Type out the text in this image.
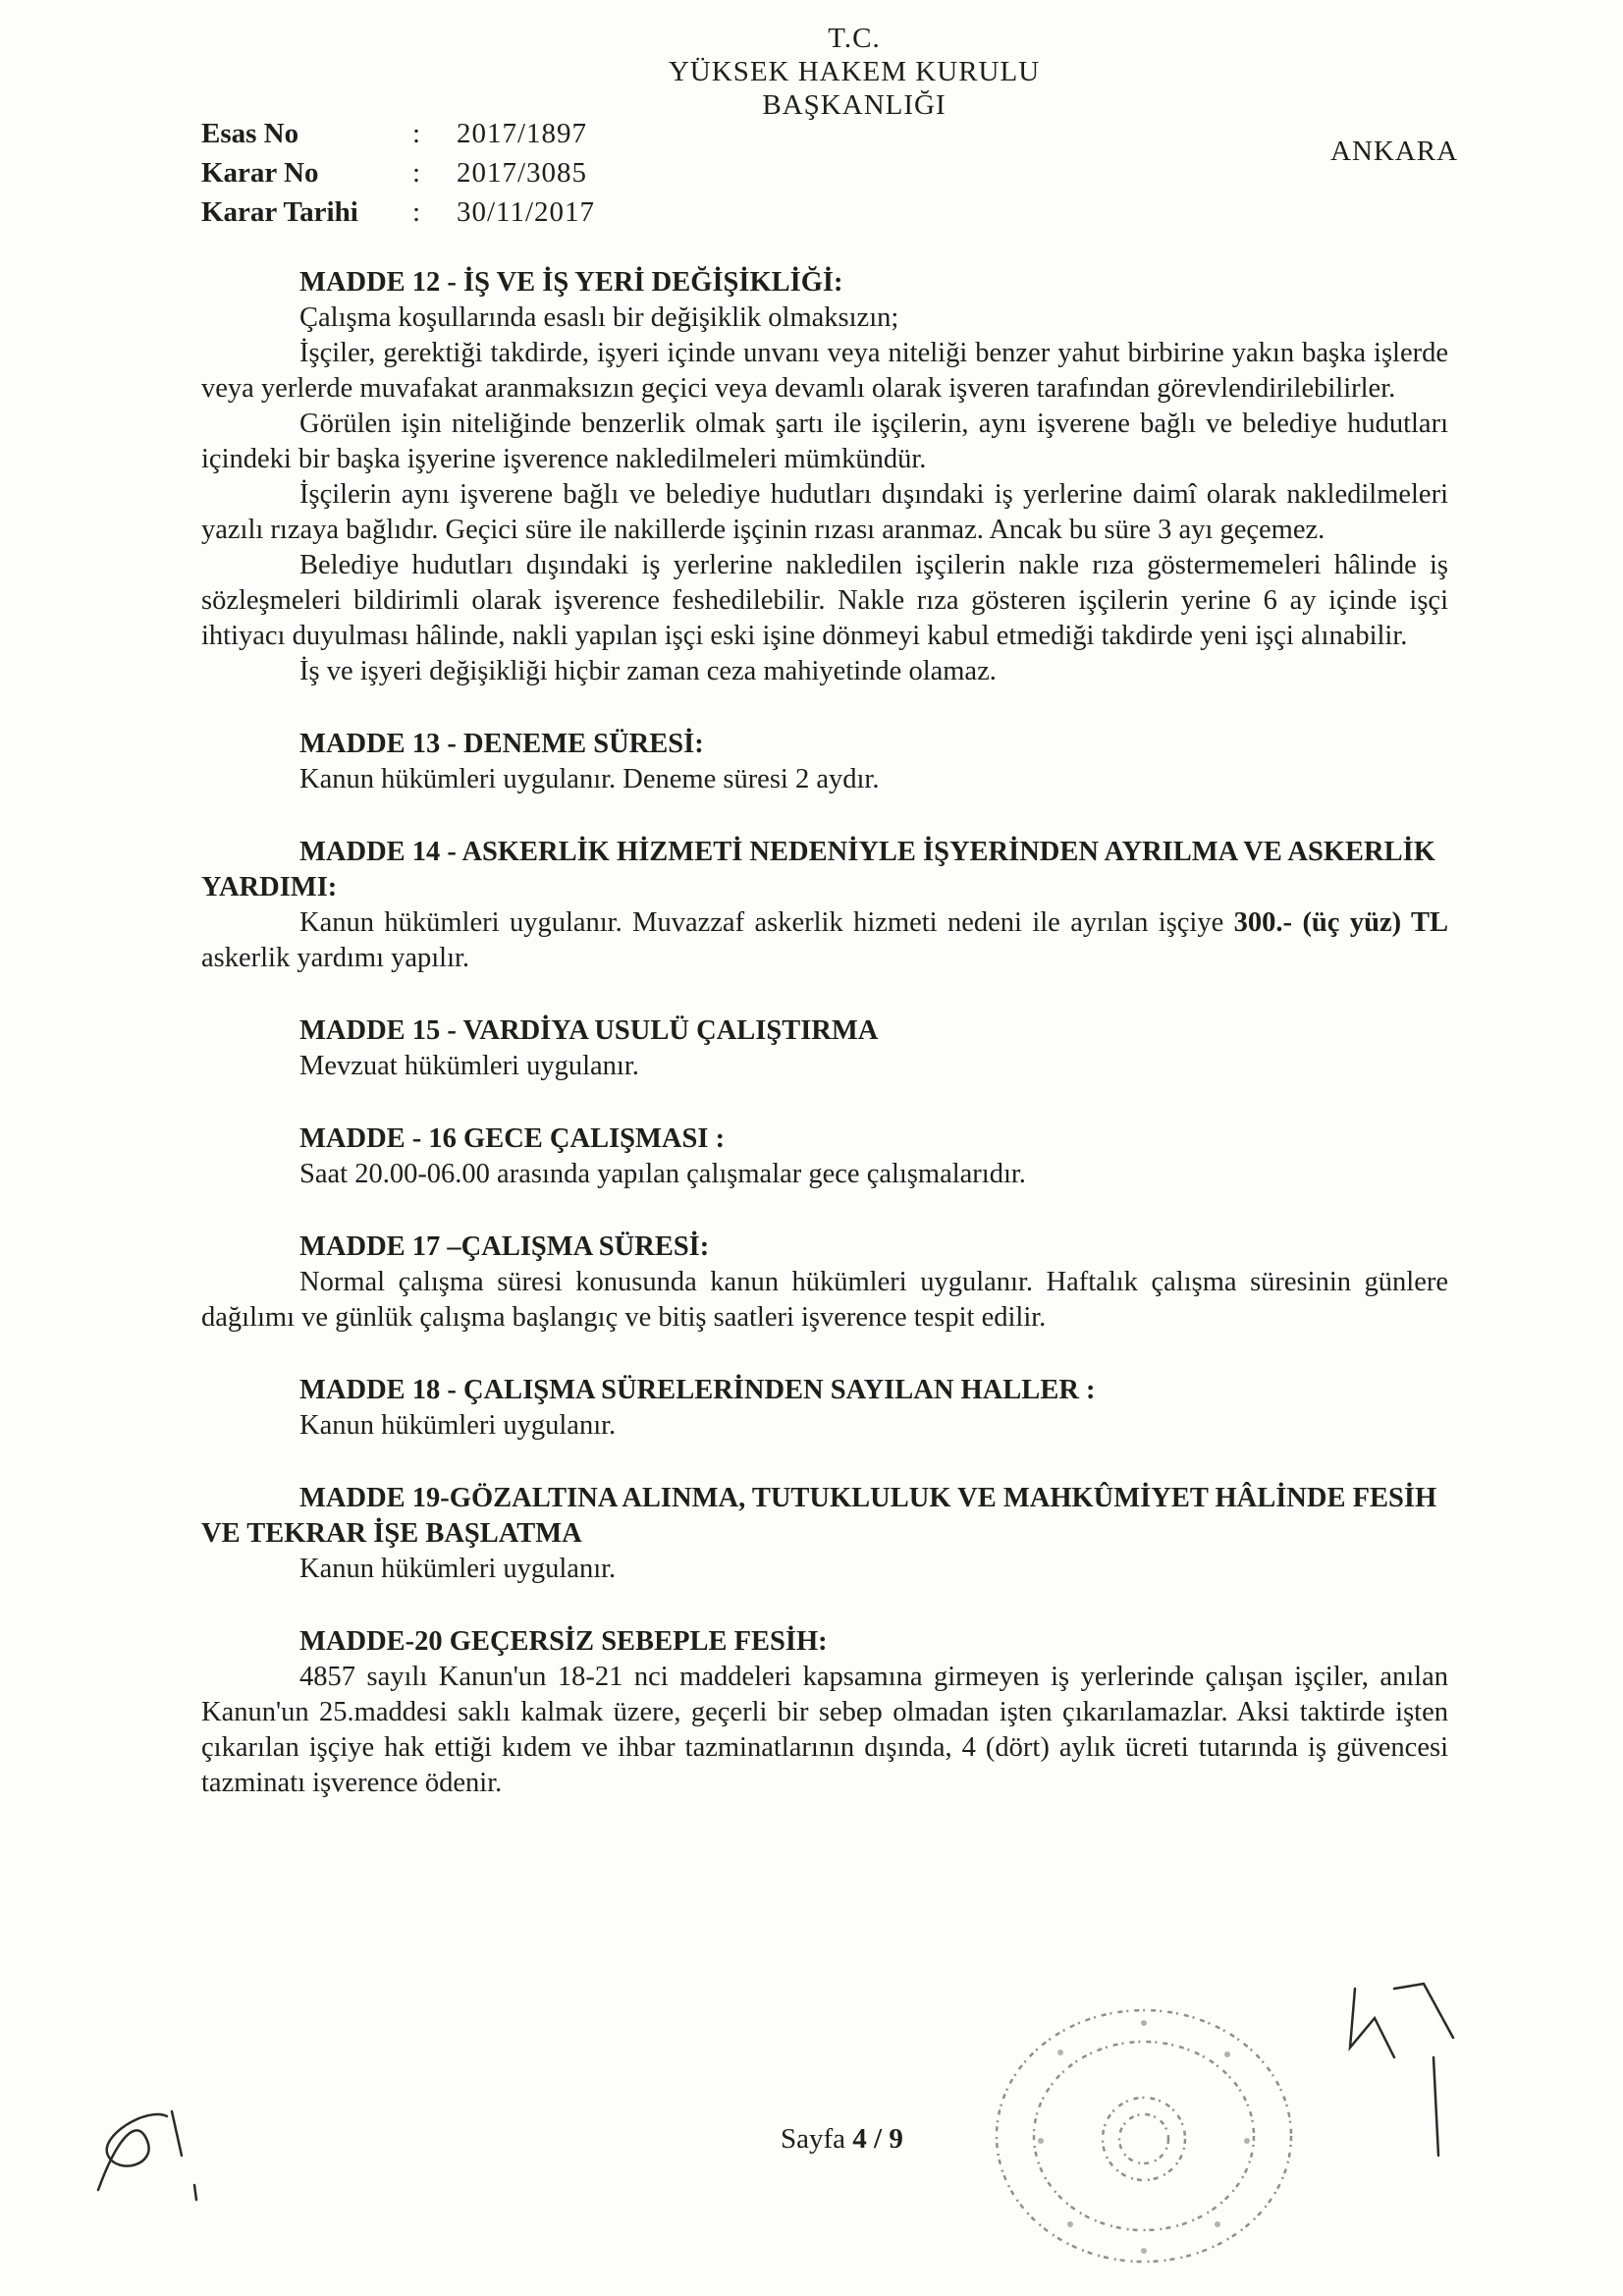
T.C.
YÜKSEK HAKEM KURULU
BAŞKANLIĞI
Esas No	:	2017/1897
Karar No	:	2017/3085
Karar Tarihi	:	30/11/2017
ANKARA

MADDE 12 - İŞ VE İŞ YERİ DEĞİŞİKLİĞİ:

Çalışma koşullarında esaslı bir değişiklik olmaksızın;

İşçiler, gerektiği takdirde, işyeri içinde unvanı veya niteliği benzer yahut birbirine yakın başka işlerde veya yerlerde muvafakat aranmaksızın geçici veya devamlı olarak işveren tarafından görevlendirilebilirler.

Görülen işin niteliğinde benzerlik olmak şartı ile işçilerin, aynı işverene bağlı ve belediye hudutları içindeki bir başka işyerine işverence nakledilmeleri mümkündür.

İşçilerin aynı işverene bağlı ve belediye hudutları dışındaki iş yerlerine daimî olarak nakledilmeleri yazılı rızaya bağlıdır. Geçici süre ile nakillerde işçinin rızası aranmaz. Ancak bu süre 3 ayı geçemez.

Belediye hudutları dışındaki iş yerlerine nakledilen işçilerin nakle rıza göstermemeleri hâlinde iş sözleşmeleri bildirimli olarak işverence feshedilebilir. Nakle rıza gösteren işçilerin yerine 6 ay içinde işçi ihtiyacı duyulması hâlinde, nakli yapılan işçi eski işine dönmeyi kabul etmediği takdirde yeni işçi alınabilir.

İş ve işyeri değişikliği hiçbir zaman ceza mahiyetinde olamaz.

MADDE 13 - DENEME SÜRESİ:

Kanun hükümleri uygulanır. Deneme süresi 2 aydır.

MADDE 14 - ASKERLİK HİZMETİ NEDENİYLE İŞYERİNDEN AYRILMA VE ASKERLİK YARDIMI:

Kanun hükümleri uygulanır. Muvazzaf askerlik hizmeti nedeni ile ayrılan işçiye 300.- (üç yüz) TL askerlik yardımı yapılır.

MADDE 15 - VARDİYA USULÜ ÇALIŞTIRMA

Mevzuat hükümleri uygulanır.

MADDE - 16 GECE ÇALIŞMASI :

Saat 20.00-06.00 arasında yapılan çalışmalar gece çalışmalarıdır.

MADDE 17 –ÇALIŞMA SÜRESİ:

Normal çalışma süresi konusunda kanun hükümleri uygulanır. Haftalık çalışma süresinin günlere dağılımı ve günlük çalışma başlangıç ve bitiş saatleri işverence tespit edilir.

MADDE 18 - ÇALIŞMA SÜRELERİNDEN SAYILAN HALLER :

Kanun hükümleri uygulanır.

MADDE 19-GÖZALTINA ALINMA, TUTUKLULUK VE MAHKÛMİYET HÂLİNDE FESİH VE TEKRAR İŞE BAŞLATMA

Kanun hükümleri uygulanır.

MADDE-20 GEÇERSİZ SEBEPLE FESİH:

4857 sayılı Kanun'un 18-21 nci maddeleri kapsamına girmeyen iş yerlerinde çalışan işçiler, anılan Kanun'un 25.maddesi saklı kalmak üzere, geçerli bir sebep olmadan işten çıkarılamazlar. Aksi taktirde işten çıkarılan işçiye hak ettiği kıdem ve ihbar tazminatlarının dışında, 4 (dört) aylık ücreti tutarında iş güvencesi tazminatı işverence ödenir.

Sayfa 4 / 9
